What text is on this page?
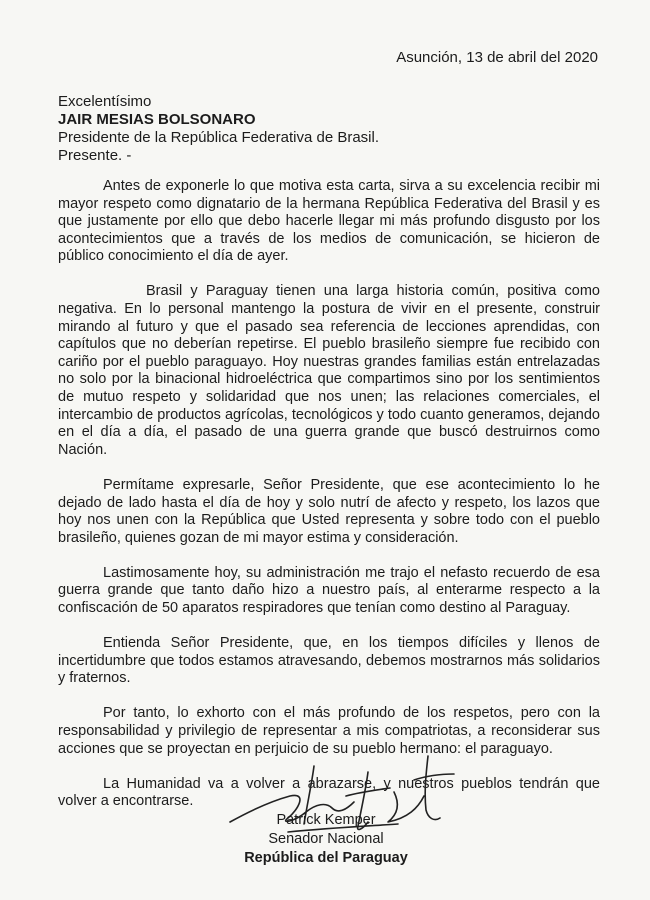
Asunción, 13 de abril del 2020
Excelentísimo
JAIR MESIAS BOLSONARO
Presidente de la República Federativa de Brasil.
Presente. -

Antes de exponerle lo que motiva esta carta, sirva a su excelencia recibir mi mayor respeto como dignatario de la hermana República Federativa del Brasil y es que justamente por ello que debo hacerle llegar mi más profundo disgusto por los acontecimientos que a través de los medios de comunicación, se hicieron de público conocimiento el día de ayer.

Brasil y Paraguay tienen una larga historia común, positiva como negativa. En lo personal mantengo la postura de vivir en el presente, construir mirando al futuro y que el pasado sea referencia de lecciones aprendidas, con capítulos que no deberían repetirse. El pueblo brasileño siempre fue recibido con cariño por el pueblo paraguayo. Hoy nuestras grandes familias están entrelazadas no solo por la binacional hidroeléctrica que compartimos sino por los sentimientos de mutuo respeto y solidaridad que nos unen; las relaciones comerciales, el intercambio de productos agrícolas, tecnológicos y todo cuanto generamos, dejando en el día a día, el pasado de una guerra grande que buscó destruirnos como Nación.

Permítame expresarle, Señor Presidente, que ese acontecimiento lo he dejado de lado hasta el día de hoy y solo nutrí de afecto y respeto, los lazos que hoy nos unen con la República que Usted representa y sobre todo con el pueblo brasileño, quienes gozan de mi mayor estima y consideración.

Lastimosamente hoy, su administración me trajo el nefasto recuerdo de esa guerra grande que tanto daño hizo a nuestro país, al enterarme respecto a la confiscación de 50 aparatos respiradores que tenían como destino al Paraguay.

Entienda Señor Presidente, que, en los tiempos difíciles y llenos de incertidumbre que todos estamos atravesando, debemos mostrarnos más solidarios y fraternos.

Por tanto, lo exhorto con el más profundo de los respetos, pero con la responsabilidad y privilegio de representar a mis compatriotas, a reconsiderar sus acciones que se proyectan en perjuicio de su pueblo hermano: el paraguayo.

La Humanidad va a volver a abrazarse, y nuestros pueblos tendrán que volver a encontrarse.

Patrick Kemper
Senador Nacional
República del Paraguay
